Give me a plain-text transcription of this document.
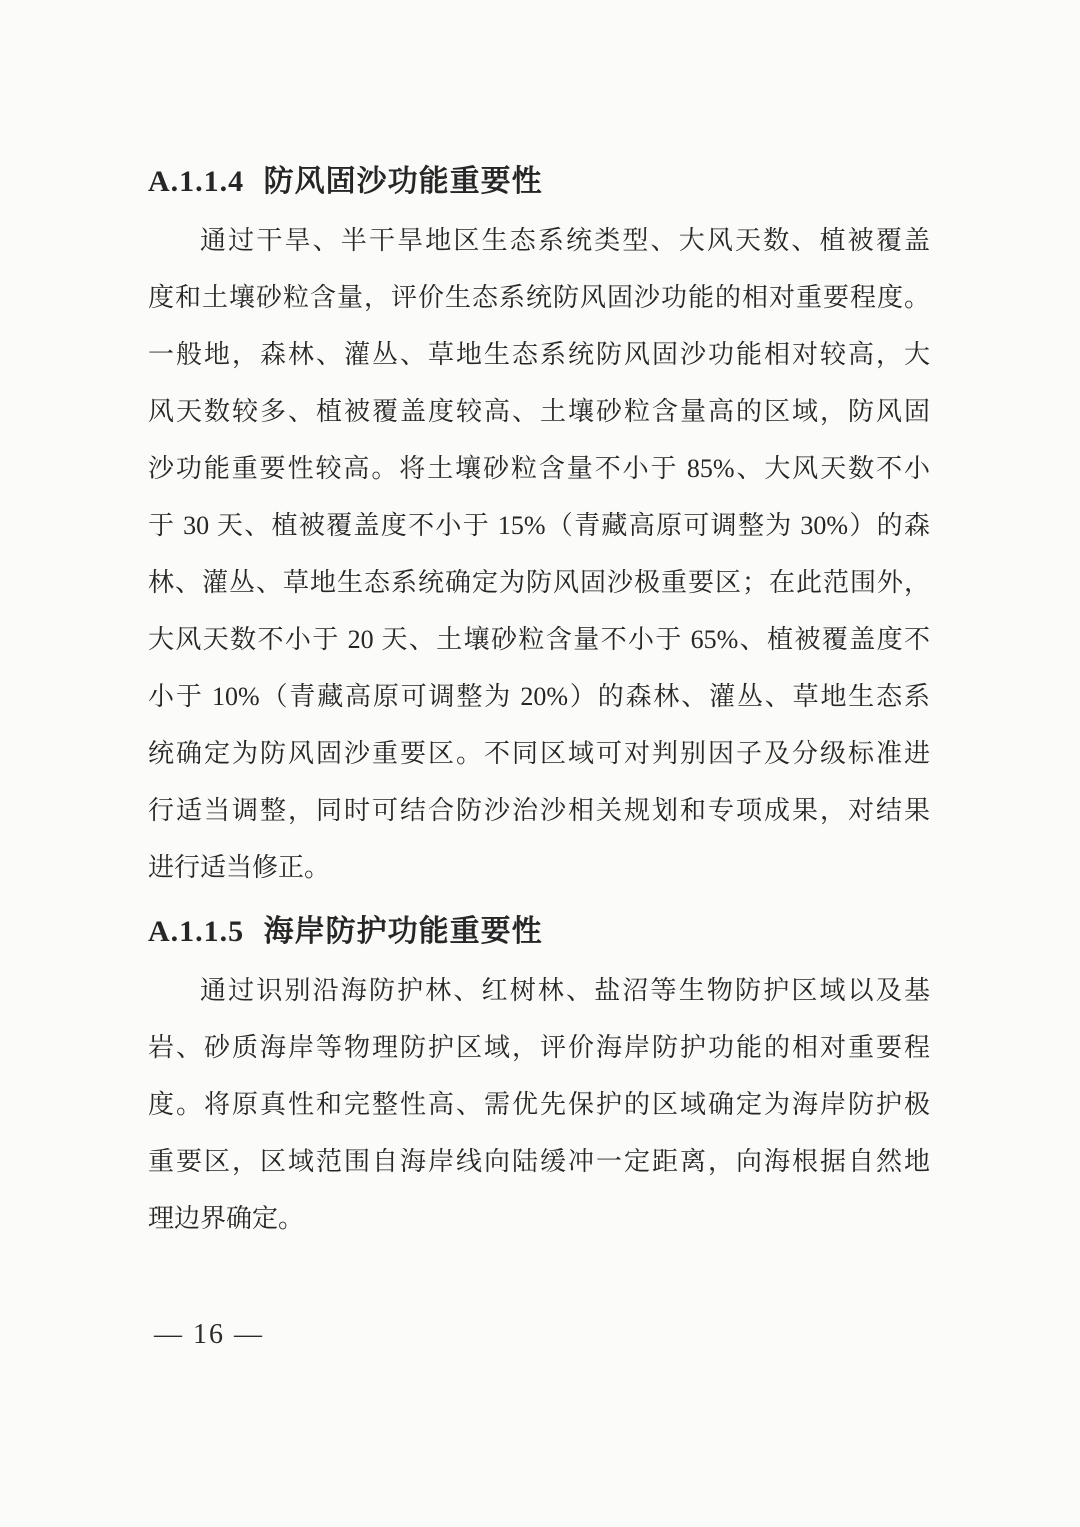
A.1.1.4 防风固沙功能重要性
通过干旱、半干旱地区生态系统类型、大风天数、植被覆盖
度和土壤砂粒含量，评价生态系统防风固沙功能的相对重要程度。
一般地，森林、灌丛、草地生态系统防风固沙功能相对较高，大
风天数较多、植被覆盖度较高、土壤砂粒含量高的区域，防风固
沙功能重要性较高。将土壤砂粒含量不小于 85%、大风天数不小
于 30 天、植被覆盖度不小于 15%（青藏高原可调整为 30%）的森
林、灌丛、草地生态系统确定为防风固沙极重要区；在此范围外，
大风天数不小于 20 天、土壤砂粒含量不小于 65%、植被覆盖度不
小于 10%（青藏高原可调整为 20%）的森林、灌丛、草地生态系
统确定为防风固沙重要区。不同区域可对判别因子及分级标准进
行适当调整，同时可结合防沙治沙相关规划和专项成果，对结果
进行适当修正。
A.1.1.5 海岸防护功能重要性
通过识别沿海防护林、红树林、盐沼等生物防护区域以及基
岩、砂质海岸等物理防护区域，评价海岸防护功能的相对重要程
度。将原真性和完整性高、需优先保护的区域确定为海岸防护极
重要区，区域范围自海岸线向陆缓冲一定距离，向海根据自然地
理边界确定。
— 16 —
